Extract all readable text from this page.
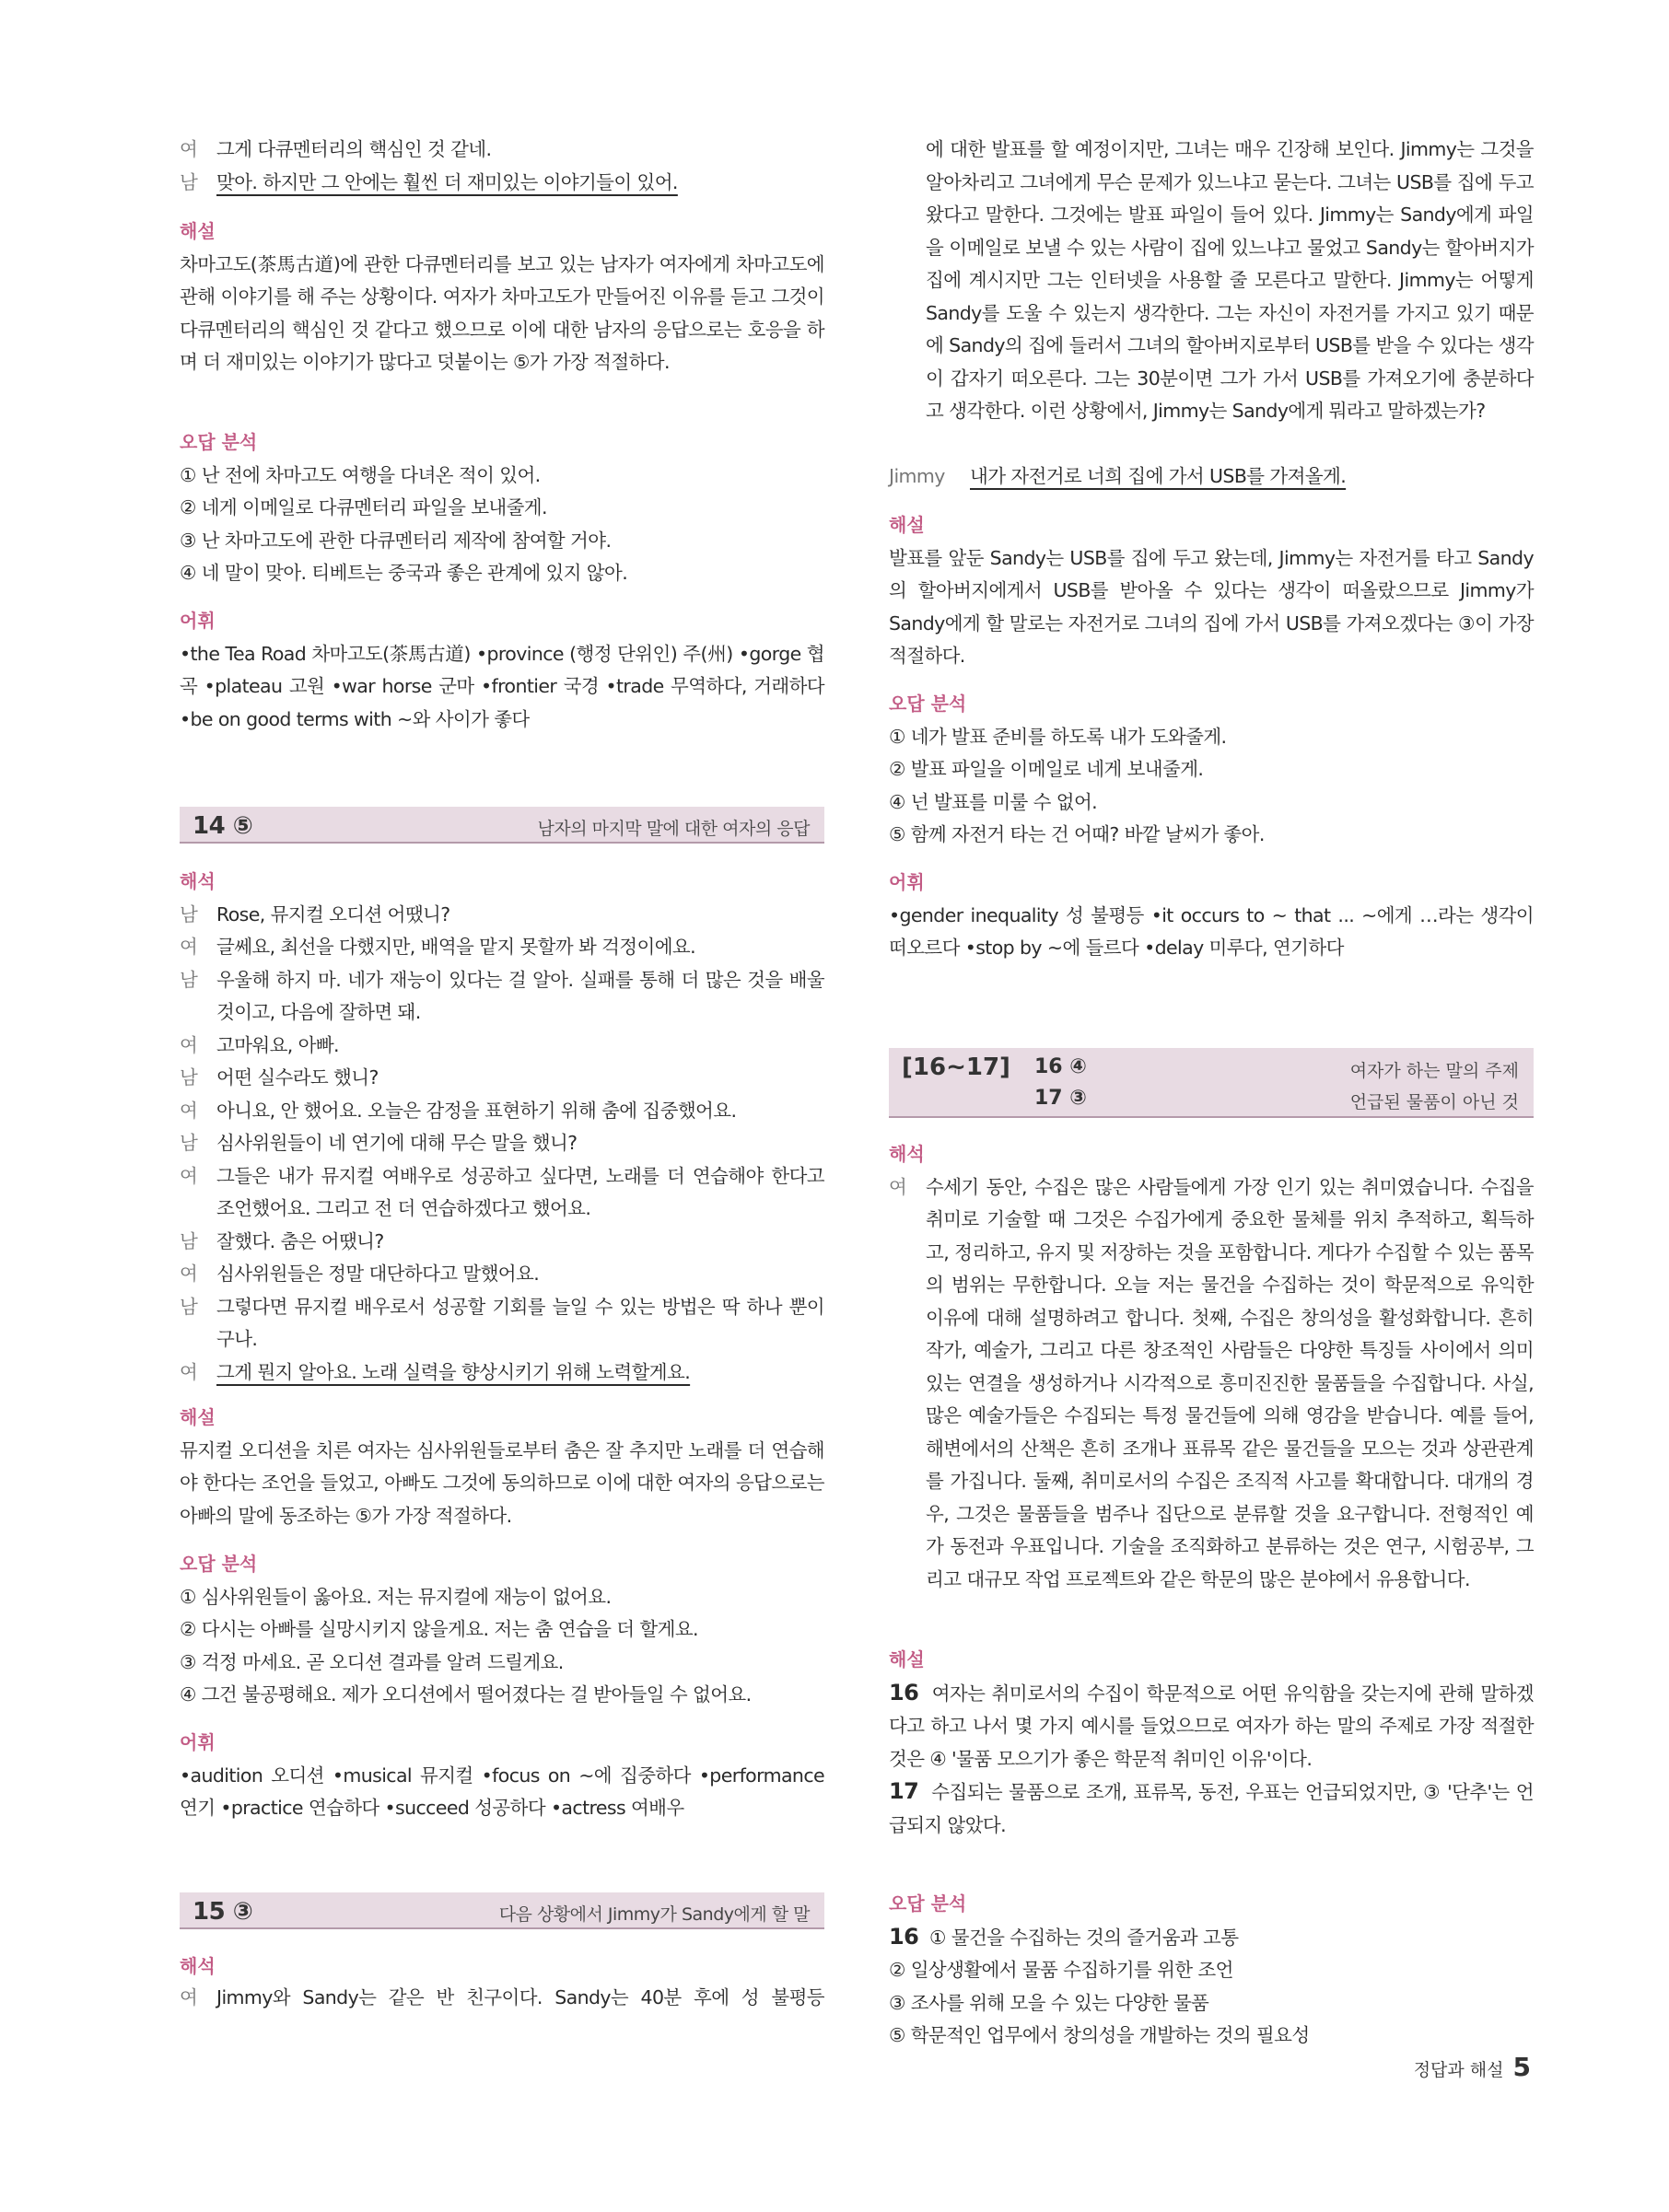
여 그게 다큐멘터리의 핵심인 것 같네.

남 맞아. 하지만 그 안에는 훨씬 더 재미있는 이야기들이 있어.

해설

차마고도(茶馬古道)에 관한 다큐멘터리를 보고 있는 남자가 여자에게 차마고도에 관해 이야기를 해 주는 상황이다. 여자가 차마고도가 만들어진 이유를 듣고 그것이 다큐멘터리의 핵심인 것 같다고 했으므로 이에 대한 남자의 응답으로는 호응을 하며 더 재미있는 이야기가 많다고 덧붙이는 ⑤가 가장 적절하다.

오답 분석

① 난 전에 차마고도 여행을 다녀온 적이 있어.

② 네게 이메일로 다큐멘터리 파일을 보내줄게.

③ 난 차마고도에 관한 다큐멘터리 제작에 참여할 거야.

④ 네 말이 맞아. 티베트는 중국과 좋은 관계에 있지 않아.

어휘

•the Tea Road 차마고도(茶馬古道) •province (행정 단위인) 주(州) •gorge 협곡 •plateau 고원 •war horse 군마 •frontier 국경 •trade 무역하다, 거래하다 •be on good terms with ~와 사이가 좋다

14 ⑤	남자의 마지막 말에 대한 여자의 응답

해석

남 Rose, 뮤지컬 오디션 어땠니?

여 글쎄요, 최선을 다했지만, 배역을 맡지 못할까 봐 걱정이에요.

남 우울해 하지 마. 네가 재능이 있다는 걸 알아. 실패를 통해 더 많은 것을 배울 것이고, 다음에 잘하면 돼.

여 고마워요, 아빠.

남 어떤 실수라도 했니?

여 아니요, 안 했어요. 오늘은 감정을 표현하기 위해 춤에 집중했어요.

남 심사위원들이 네 연기에 대해 무슨 말을 했니?

여 그들은 내가 뮤지컬 여배우로 성공하고 싶다면, 노래를 더 연습해야 한다고 조언했어요. 그리고 전 더 연습하겠다고 했어요.

남 잘했다. 춤은 어땠니?

여 심사위원들은 정말 대단하다고 말했어요.

남 그렇다면 뮤지컬 배우로서 성공할 기회를 늘일 수 있는 방법은 딱 하나 뿐이구나.

여 그게 뭔지 알아요. 노래 실력을 향상시키기 위해 노력할게요.

해설

뮤지컬 오디션을 치른 여자는 심사위원들로부터 춤은 잘 추지만 노래를 더 연습해야 한다는 조언을 들었고, 아빠도 그것에 동의하므로 이에 대한 여자의 응답으로는 아빠의 말에 동조하는 ⑤가 가장 적절하다.

오답 분석

① 심사위원들이 옳아요. 저는 뮤지컬에 재능이 없어요.

② 다시는 아빠를 실망시키지 않을게요. 저는 춤 연습을 더 할게요.

③ 걱정 마세요. 곧 오디션 결과를 알려 드릴게요.

④ 그건 불공평해요. 제가 오디션에서 떨어졌다는 걸 받아들일 수 없어요.

어휘

•audition 오디션 •musical 뮤지컬 •focus on ~에 집중하다 •performance 연기 •practice 연습하다 •succeed 성공하다 •actress 여배우

15 ③	다음 상황에서 Jimmy가 Sandy에게 할 말

해석

여 Jimmy와 Sandy는 같은 반 친구이다. Sandy는 40분 후에 성 불평등

에 대한 발표를 할 예정이지만, 그녀는 매우 긴장해 보인다. Jimmy는 그것을 알아차리고 그녀에게 무슨 문제가 있느냐고 묻는다. 그녀는 USB를 집에 두고 왔다고 말한다. 그것에는 발표 파일이 들어 있다. Jimmy는 Sandy에게 파일을 이메일로 보낼 수 있는 사람이 집에 있느냐고 물었고 Sandy는 할아버지가 집에 계시지만 그는 인터넷을 사용할 줄 모른다고 말한다. Jimmy는 어떻게 Sandy를 도울 수 있는지 생각한다. 그는 자신이 자전거를 가지고 있기 때문에 Sandy의 집에 들러서 그녀의 할아버지로부터 USB를 받을 수 있다는 생각이 갑자기 떠오른다. 그는 30분이면 그가 가서 USB를 가져오기에 충분하다고 생각한다. 이런 상황에서, Jimmy는 Sandy에게 뭐라고 말하겠는가?

Jimmy 내가 자전거로 너희 집에 가서 USB를 가져올게.

해설

발표를 앞둔 Sandy는 USB를 집에 두고 왔는데, Jimmy는 자전거를 타고 Sandy의 할아버지에게서 USB를 받아올 수 있다는 생각이 떠올랐으므로 Jimmy가 Sandy에게 할 말로는 자전거로 그녀의 집에 가서 USB를 가져오겠다는 ③이 가장 적절하다.

오답 분석

① 네가 발표 준비를 하도록 내가 도와줄게.

② 발표 파일을 이메일로 네게 보내줄게.

④ 넌 발표를 미룰 수 없어.

⑤ 함께 자전거 타는 건 어때? 바깥 날씨가 좋아.

어휘

•gender inequality 성 불평등 •it occurs to ~ that ... ~에게 …라는 생각이 떠오르다 •stop by ~에 들르다 •delay 미루다, 연기하다

[16~17] 16 ④
17 ③
여자가 하는 말의 주제
언급된 물품이 아닌 것

해석

여 수세기 동안, 수집은 많은 사람들에게 가장 인기 있는 취미였습니다. 수집을 취미로 기술할 때 그것은 수집가에게 중요한 물체를 위치 추적하고, 획득하고, 정리하고, 유지 및 저장하는 것을 포함합니다. 게다가 수집할 수 있는 품목의 범위는 무한합니다. 오늘 저는 물건을 수집하는 것이 학문적으로 유익한 이유에 대해 설명하려고 합니다. 첫째, 수집은 창의성을 활성화합니다. 흔히 작가, 예술가, 그리고 다른 창조적인 사람들은 다양한 특징들 사이에서 의미 있는 연결을 생성하거나 시각적으로 흥미진진한 물품들을 수집합니다. 사실, 많은 예술가들은 수집되는 특정 물건들에 의해 영감을 받습니다. 예를 들어, 해변에서의 산책은 흔히 조개나 표류목 같은 물건들을 모으는 것과 상관관계를 가집니다. 둘째, 취미로서의 수집은 조직적 사고를 확대합니다. 대개의 경우, 그것은 물품들을 범주나 집단으로 분류할 것을 요구합니다. 전형적인 예가 동전과 우표입니다. 기술을 조직화하고 분류하는 것은 연구, 시험공부, 그리고 대규모 작업 프로젝트와 같은 학문의 많은 분야에서 유용합니다.

해설

16 여자는 취미로서의 수집이 학문적으로 어떤 유익함을 갖는지에 관해 말하겠다고 하고 나서 몇 가지 예시를 들었으므로 여자가 하는 말의 주제로 가장 적절한 것은 ④ '물품 모으기가 좋은 학문적 취미인 이유'이다.

17 수집되는 물품으로 조개, 표류목, 동전, 우표는 언급되었지만, ③ '단추'는 언급되지 않았다.

오답 분석

16 ① 물건을 수집하는 것의 즐거움과 고통

② 일상생활에서 물품 수집하기를 위한 조언

③ 조사를 위해 모을 수 있는 다양한 물품

⑤ 학문적인 업무에서 창의성을 개발하는 것의 필요성

정답과 해설 5
